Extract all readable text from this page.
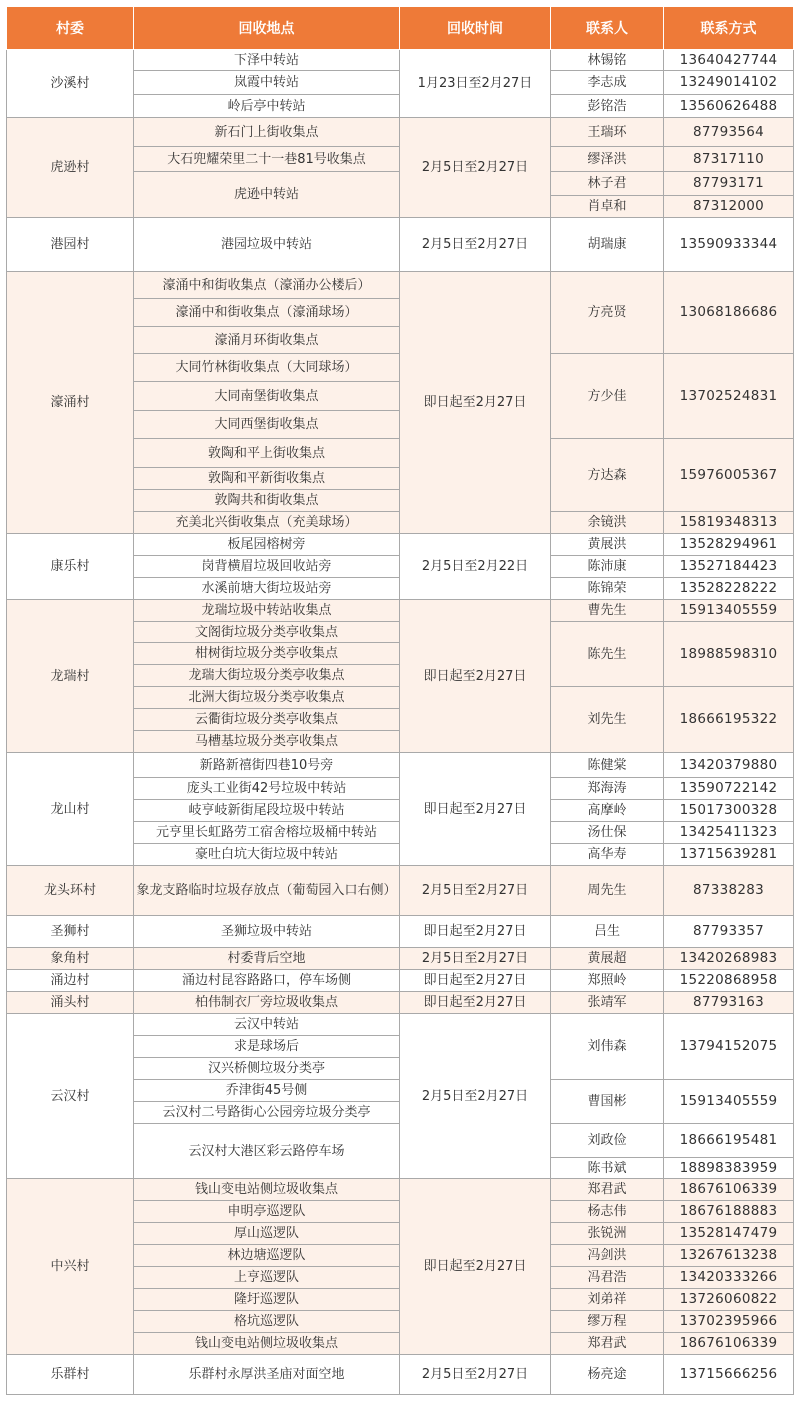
村委	回收地点	回收时间	联系人	联系方式
沙溪村	下泽中转站	1月23日至2月27日	林锡铭	13640427744
	岚霞中转站		李志成	13249014102
	岭后亭中转站		彭铭浩	13560626488
虎逊村	新石门上街收集点	2月5日至2月27日	王瑞环	87793564
	大石兜耀荣里二十一巷81号收集点		缪泽洪	87317110
	虎逊中转站		林子君	87793171
			肖卓和	87312000
港园村	港园垃圾中转站	2月5日至2月27日	胡瑞康	13590933344
濠涌村	濠涌中和街收集点（濠涌办公楼后）	即日起至2月27日	方亮贤	13068186686
	濠涌中和街收集点（濠涌球场）			
	濠涌月环街收集点			
	大同竹林街收集点（大同球场）		方少佳	13702524831
	大同南堡街收集点			
	大同西堡街收集点			
	敦陶和平上街收集点		方达森	15976005367
	敦陶和平新街收集点			
	敦陶共和街收集点			
	充美北兴街收集点（充美球场）		余镜洪	15819348313
康乐村	板尾园榕树旁	2月5日至2月22日	黄展洪	13528294961
	岗背横眉垃圾回收站旁		陈沛康	13527184423
	水溪前塘大街垃圾站旁		陈锦荣	13528228222
龙瑞村	龙瑞垃圾中转站收集点	即日起至2月27日	曹先生	15913405559
	文阁街垃圾分类亭收集点		陈先生	18988598310
	柑树街垃圾分类亭收集点			
	龙瑞大街垃圾分类亭收集点			
	北洲大街垃圾分类亭收集点		刘先生	18666195322
	云衢街垃圾分类亭收集点			
	马槽基垃圾分类亭收集点			
龙山村	新路新禧街四巷10号旁	即日起至2月27日	陈健棠	13420379880
	庞头工业街42号垃圾中转站		郑海涛	13590722142
	岐亨岐新街尾段垃圾中转站		高摩岭	15017300328
	元亨里长虹路劳工宿舍榕垃圾桶中转站		汤仕保	13425411323
	豪吐白坑大街垃圾中转站		高华寿	13715639281
龙头环村	象龙支路临时垃圾存放点（葡萄园入口右侧）	2月5日至2月27日	周先生	87338283
圣狮村	圣狮垃圾中转站	即日起至2月27日	吕生	87793357
象角村	村委背后空地	2月5日至2月27日	黄展超	13420268983
涌边村	涌边村昆容路路口，停车场侧	即日起至2月27日	郑照岭	15220868958
涌头村	柏伟制衣厂旁垃圾收集点	即日起至2月27日	张靖军	87793163
云汉村	云汉中转站	2月5日至2月27日	刘伟森	13794152075
	求是球场后			
	汉兴桥侧垃圾分类亭			
	乔津街45号侧		曹国彬	15913405559
	云汉村二号路街心公园旁垃圾分类亭			
	云汉村大港区彩云路停车场		刘政俭	18666195481
			陈书斌	18898383959
中兴村	钱山变电站侧垃圾收集点	即日起至2月27日	郑君武	18676106339
	申明亭巡逻队		杨志伟	18676188883
	厚山巡逻队		张锐洲	13528147479
	林边塘巡逻队		冯剑洪	13267613238
	上亨巡逻队		冯君浩	13420333266
	隆圩巡逻队		刘弟祥	13726060822
	格坑巡逻队		缪万程	13702395966
	钱山变电站侧垃圾收集点		郑君武	18676106339
乐群村	乐群村永厚洪圣庙对面空地	2月5日至2月27日	杨亮途	13715666256
